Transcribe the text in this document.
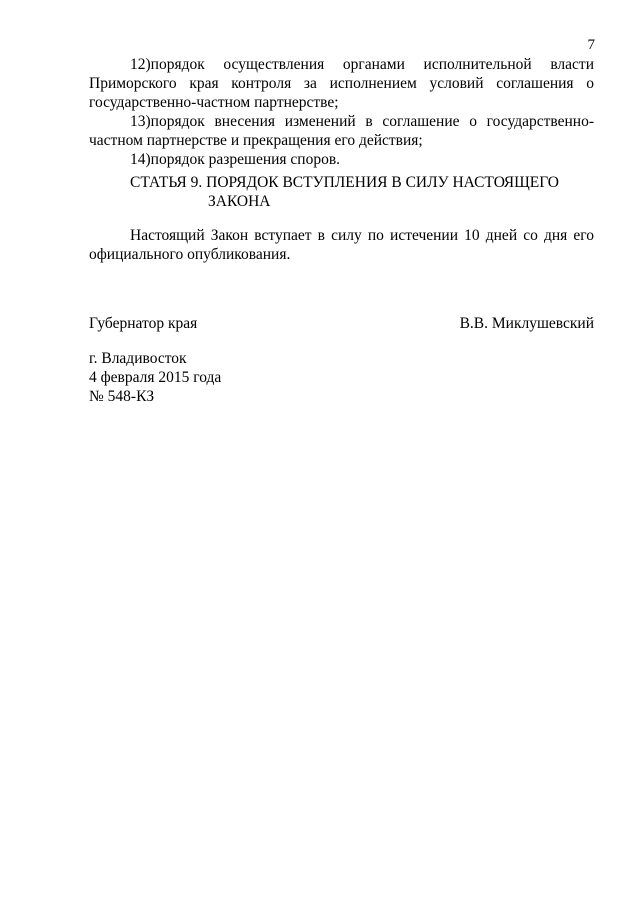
7

12)порядок осуществления органами исполнительной власти Приморского края контроля за исполнением условий соглашения о государственно-частном партнерстве;

13)порядок внесения изменений в соглашение о государственно-частном партнерстве и прекращения его действия;

14)порядок разрешения споров.

СТАТЬЯ 9. ПОРЯДОК ВСТУПЛЕНИЯ В СИЛУ НАСТОЯЩЕГО
ЗАКОНА

Настоящий Закон вступает в силу по истечении 10 дней со дня его официального опубликования.

Губернатор края	В.В. Миклушевский
г. Владивосток
4 февраля 2015 года
№ 548-КЗ
